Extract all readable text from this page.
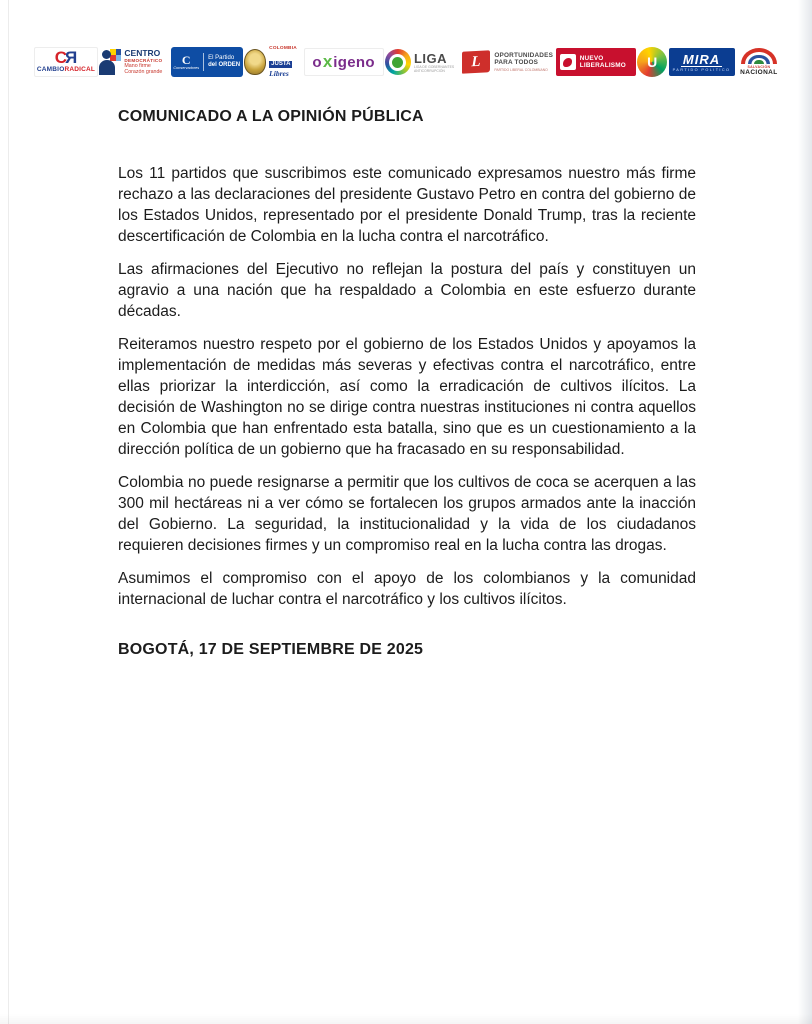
CR
CAMBIORADICAL
CENTRO
DEMOCRÁTICO
Mano firme
Corazón grande
C
Conservadores
El Partido
del ORDEN
COLOMBIA
JUSTA
Libres
o x igeno	LIGA
LIGA DE GOBERNANTES ANTICORRUPCIÓN
L OPORTUNIDADES
PARA TODOS
PARTIDO LIBERAL COLOMBIANO
NUEVO
LIBERALISMO U MIRA
PARTIDO POLITICO
SALVACIÓN
NACIONAL
COMUNICADO A LA OPINIÓN PÚBLICA

Los 11 partidos que suscribimos este comunicado expresamos nuestro más firme rechazo a las declaraciones del presidente Gustavo Petro en contra del gobierno de los Estados Unidos, representado por el presidente Donald Trump, tras la reciente descertificación de Colombia en la lucha contra el narcotráfico.

Las afirmaciones del Ejecutivo no reflejan la postura del país y constituyen un agravio a una nación que ha respaldado a Colombia en este esfuerzo durante décadas.

Reiteramos nuestro respeto por el gobierno de los Estados Unidos y apoyamos la implementación de medidas más severas y efectivas contra el narcotráfico, entre ellas priorizar la interdicción, así como la erradicación de cultivos ilícitos. La decisión de Washington no se dirige contra nuestras instituciones ni contra aquellos en Colombia que han enfrentado esta batalla, sino que es un cuestionamiento a la dirección política de un gobierno que ha fracasado en su responsabilidad.

Colombia no puede resignarse a permitir que los cultivos de coca se acerquen a las 300 mil hectáreas ni a ver cómo se fortalecen los grupos armados ante la inacción del Gobierno. La seguridad, la institucionalidad y la vida de los ciudadanos requieren decisiones firmes y un compromiso real en la lucha contra las drogas.

Asumimos el compromiso con el apoyo de los colombianos y la comunidad internacional de luchar contra el narcotráfico y los cultivos ilícitos.

BOGOTÁ, 17 DE SEPTIEMBRE DE 2025
